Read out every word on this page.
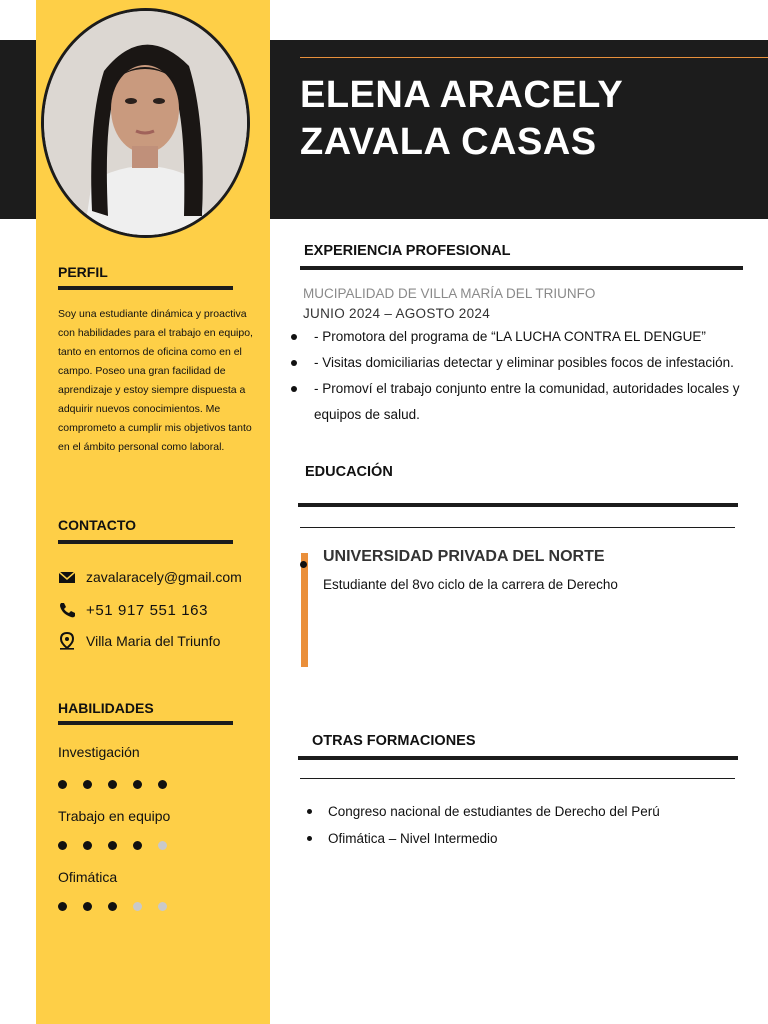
ELENA ARACELY
ZAVALA CASAS
PERFIL

Soy una estudiante dinámica y proactiva con habilidades para el trabajo en equipo, tanto en entornos de oficina como en el campo. Poseo una gran facilidad de aprendizaje y estoy siempre dispuesta a adquirir nuevos conocimientos. Me comprometo a cumplir mis objetivos tanto en el ámbito personal como laboral.

CONTACTO
zavalaracely@gmail.com
+51 917 551 163
Villa Maria del Triunfo
HABILIDADES
Investigación
Trabajo en equipo
Ofimática
EXPERIENCIA PROFESIONAL
MUCIPALIDAD DE VILLA MARÍA DEL TRIUNFO
JUNIO 2024 – AGOSTO 2024
- Promotora del programa de “LA LUCHA CONTRA EL DENGUE”
- Visitas domiciliarias detectar y eliminar posibles focos de infestación.
- Promoví el trabajo conjunto entre la comunidad, autoridades locales y equipos de salud.
EDUCACIÓN
UNIVERSIDAD PRIVADA DEL NORTE
Estudiante del 8vo ciclo de la carrera de Derecho
OTRAS FORMACIONES
Congreso nacional de estudiantes de Derecho del Perú
Ofimática – Nivel Intermedio
